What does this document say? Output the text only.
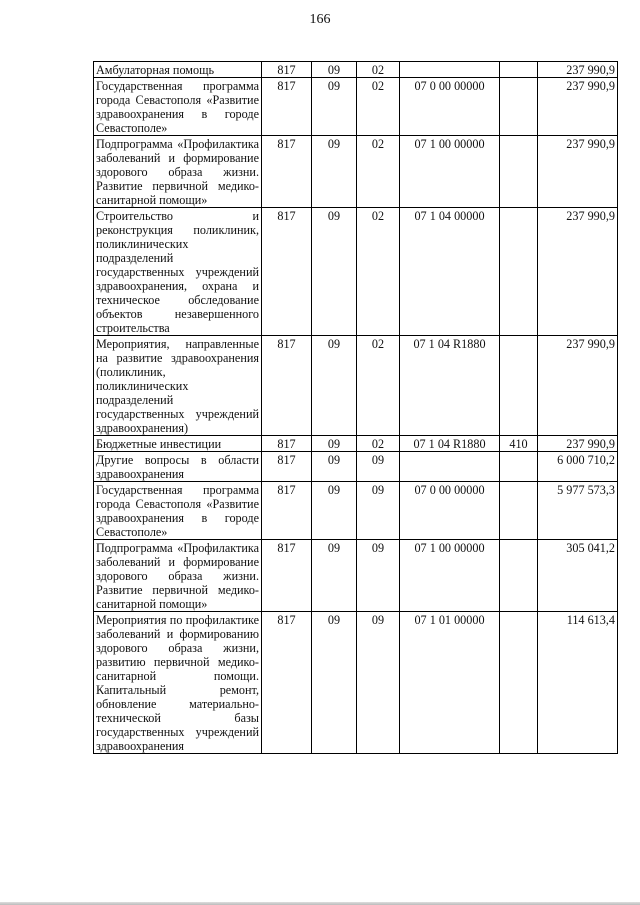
166
Амбулаторная помощь	817	09	02			237 990,9
Государственная программа города Севастополя «Развитие здравоохранения в городе Севастополе»	817	09	02	07 0 00 00000		237 990,9
Подпрограмма «Профилактика заболеваний и формирование здорового образа жизни. Развитие первичной медико-санитарной помощи»	817	09	02	07 1 00 00000		237 990,9
Строительство и реконструкция поликлиник, поликлинических подразделений государственных учреждений здравоохранения, охрана и техническое обследование объектов незавершенного строительства	817	09	02	07 1 04 00000		237 990,9
Мероприятия, направленные на развитие здравоохранения (поликлиник, поликлинических подразделений государственных учреждений здравоохранения)	817	09	02	07 1 04 R1880		237 990,9
Бюджетные инвестиции	817	09	02	07 1 04 R1880	410	237 990,9
Другие вопросы в области здравоохранения	817	09	09			6 000 710,2
Государственная программа города Севастополя «Развитие здравоохранения в городе Севастополе»	817	09	09	07 0 00 00000		5 977 573,3
Подпрограмма «Профилактика заболеваний и формирование здорового образа жизни. Развитие первичной медико-санитарной помощи»	817	09	09	07 1 00 00000		305 041,2
Мероприятия по профилактике заболеваний и формированию здорового образа жизни, развитию первичной медико-санитарной помощи. Капитальный ремонт, обновление материально-технической базы государственных учреждений здравоохранения	817	09	09	07 1 01 00000		114 613,4
